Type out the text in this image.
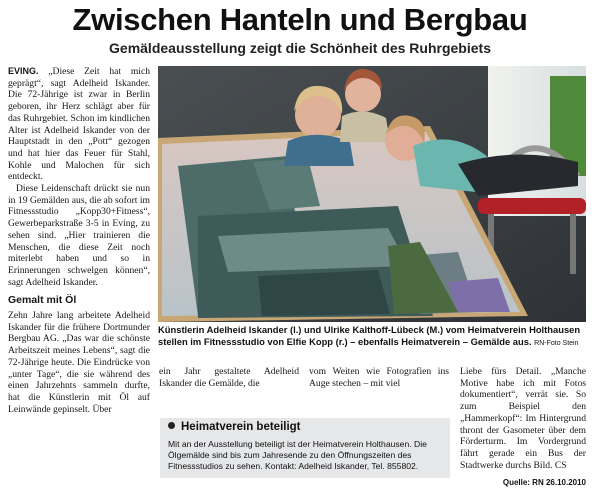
Zwischen Hanteln und Bergbau
Gemäldeausstellung zeigt die Schönheit des Ruhrgebiets

EVING. „Diese Zeit hat mich geprägt“, sagt Adelheid Iskander. Die 72-Jährige ist zwar in Berlin geboren, ihr Herz schlägt aber für das Ruhrgebiet. Schon im kindlichen Alter ist Adelheid Iskander von der Hauptstadt in den „Pott“ gezogen und hat hier das Feuer für Stahl, Kohle und Malochen für sich entdeckt.

Diese Leidenschaft drückt sie nun in 19 Gemälden aus, die ab sofort im Fitnessstudio „Kopp30+Fitness“, Gewerbeparkstraße 3-5 in Eving, zu sehen sind. „Hier trainieren die Menschen, die diese Zeit noch miterlebt haben und so in Erinnerungen schwelgen können“, sagt Adelheid Iskander.

Gemalt mit Öl

Zehn Jahre lang arbeitete Adelheid Iskander für die frühere Dortmunder Bergbau AG. „Das war die schönste Arbeitszeit meines Lebens“, sagt die 72-Jährige heute. Die Eindrücke von „unter Tage“, die sie während des einen Jahrzehnts sammeln durfte, hat die Künstlerin mit Öl auf Leinwände gepinselt. Über

Künstlerin Adelheid Iskander (l.) und Ulrike Kalthoff-Lübeck (M.) vom Heimatverein Holthausen stellen im Fitnessstudio von Elfie Kopp (r.) – ebenfalls Heimatverein – Gemälde aus. RN-Foto Stein

ein Jahr gestaltete Adelheid Iskander die Gemälde, die

vom Weiten wie Fotografien ins Auge stechen – mit viel

Liebe fürs Detail. „Manche Motive habe ich mit Fotos dokumentiert“, verrät sie. So zum Beispiel den „Hammerkopf“: Im Hintergrund thront der Gasometer über dem Förderturm. Im Vordergrund fährt gerade ein Bus der Stadtwerke durchs Bild. CS

Heimatverein beteiligt
Mit an der Ausstellung beteiligt ist der Heimatverein Holthausen. Die Ölgemälde sind bis zum Jahresende zu den Öffnungszeiten des Fitnessstudios zu sehen. Kontakt: Adelheid Iskander, Tel. 855802.
Quelle: RN 26.10.2010
